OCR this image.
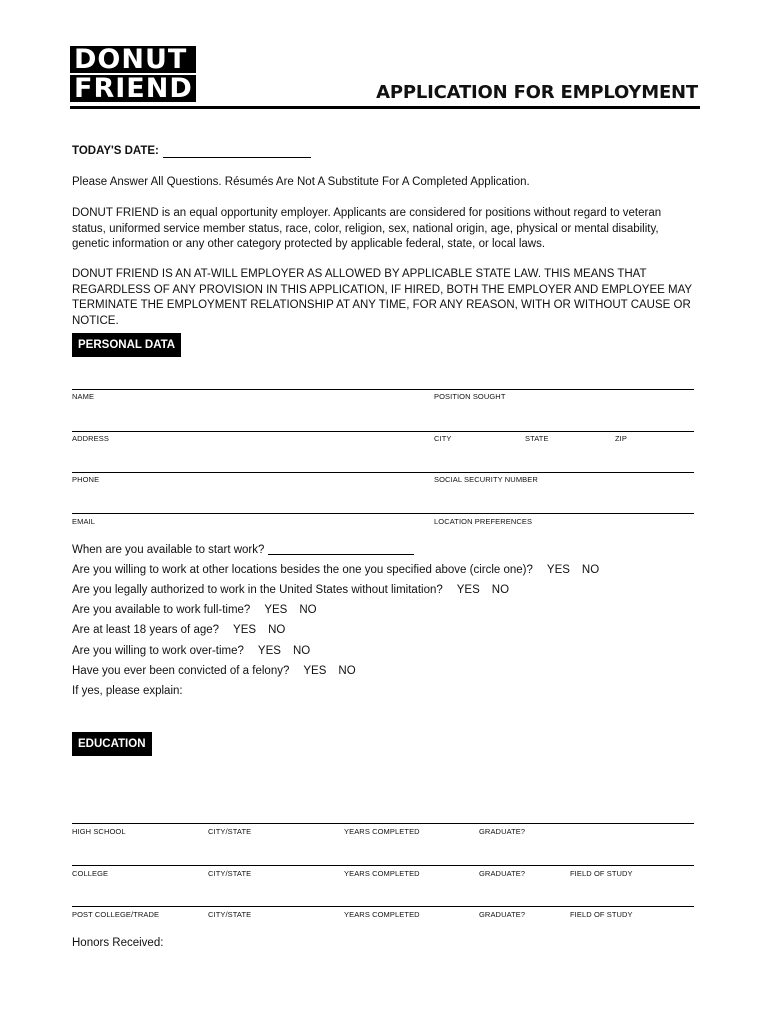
DONUT
FRIEND	APPLICATION FOR EMPLOYMENT
TODAY'S DATE:
Please Answer All Questions. Résumés Are Not A Substitute For A Completed Application.
DONUT FRIEND is an equal opportunity employer. Applicants are considered for positions without regard to veteran status, uniformed service member status, race, color, religion, sex, national origin, age, physical or mental disability, genetic information or any other category protected by applicable federal, state, or local laws.
DONUT FRIEND IS AN AT-WILL EMPLOYER AS ALLOWED BY APPLICABLE STATE LAW. THIS MEANS THAT REGARDLESS OF ANY PROVISION IN THIS APPLICATION, IF HIRED, BOTH THE EMPLOYER AND EMPLOYEE MAY TERMINATE THE EMPLOYMENT RELATIONSHIP AT ANY TIME, FOR ANY REASON, WITH OR WITHOUT CAUSE OR NOTICE.
PERSONAL DATA
NAME	POSITION SOUGHT
ADDRESS	CITY	STATE	ZIP
PHONE	SOCIAL SECURITY NUMBER
EMAIL	LOCATION PREFERENCES
When are you available to start work?
Are you willing to work at other locations besides the one you specified above (circle one)? YES NO
Are you legally authorized to work in the United States without limitation? YES NO
Are you available to work full-time? YES NO
Are at least 18 years of age? YES NO
Are you willing to work over-time? YES NO
Have you ever been convicted of a felony? YES NO
If yes, please explain:
EDUCATION
HIGH SCHOOL	CITY/STATE	YEARS COMPLETED	GRADUATE?
COLLEGE	CITY/STATE	YEARS COMPLETED	GRADUATE?	FIELD OF STUDY
POST COLLEGE/TRADE	CITY/STATE	YEARS COMPLETED	GRADUATE?	FIELD OF STUDY
Honors Received:
